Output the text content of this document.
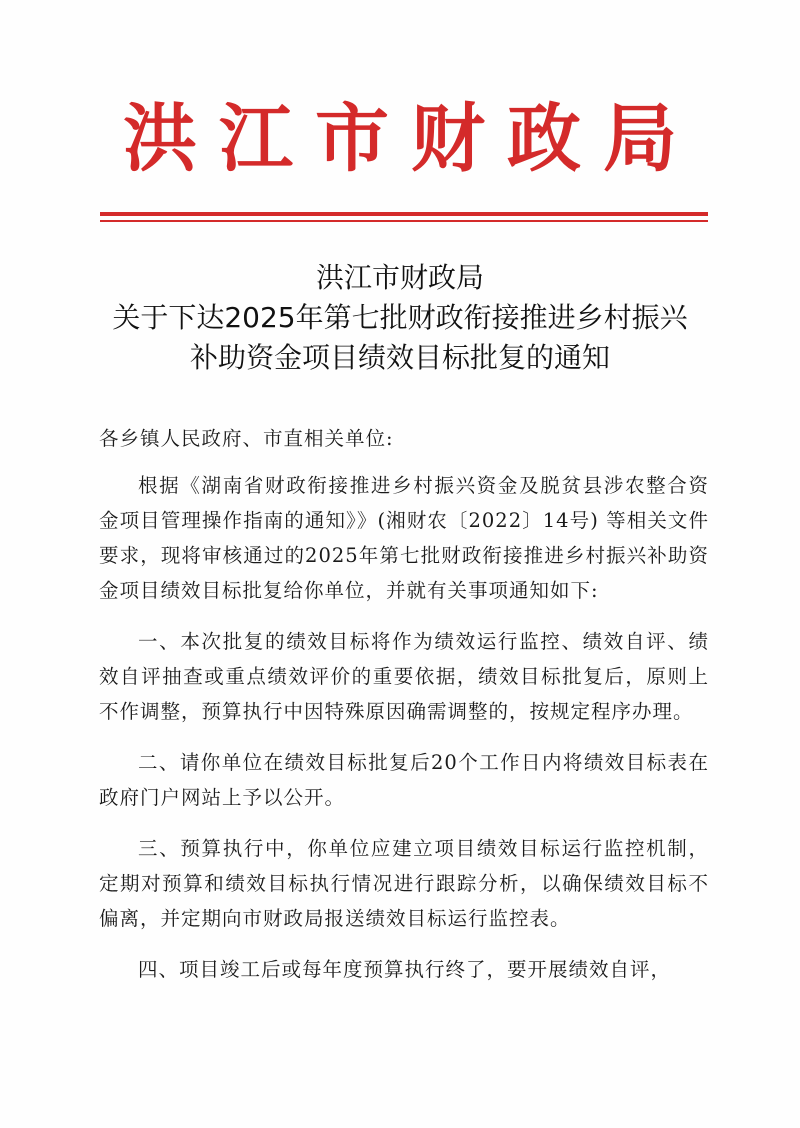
洪江市财政局
洪江市财政局
关于下达2025年第七批财政衔接推进乡村振兴
补助资金项目绩效目标批复的通知

各乡镇人民政府、市直相关单位:

根据《湖南省财政衔接推进乡村振兴资金及脱贫县涉农整合资金项目管理操作指南的通知》》(湘财农〔2022〕14号) 等相关文件要求，现将审核通过的2025年第七批财政衔接推进乡村振兴补助资金项目绩效目标批复给你单位，并就有关事项通知如下:

一、本次批复的绩效目标将作为绩效运行监控、绩效自评、绩效自评抽查或重点绩效评价的重要依据，绩效目标批复后，原则上不作调整，预算执行中因特殊原因确需调整的，按规定程序办理。

二、请你单位在绩效目标批复后20个工作日内将绩效目标表在政府门户网站上予以公开。

三、预算执行中，你单位应建立项目绩效目标运行监控机制，定期对预算和绩效目标执行情况进行跟踪分析，以确保绩效目标不偏离，并定期向市财政局报送绩效目标运行监控表。

四、项目竣工后或每年度预算执行终了，要开展绩效自评，
